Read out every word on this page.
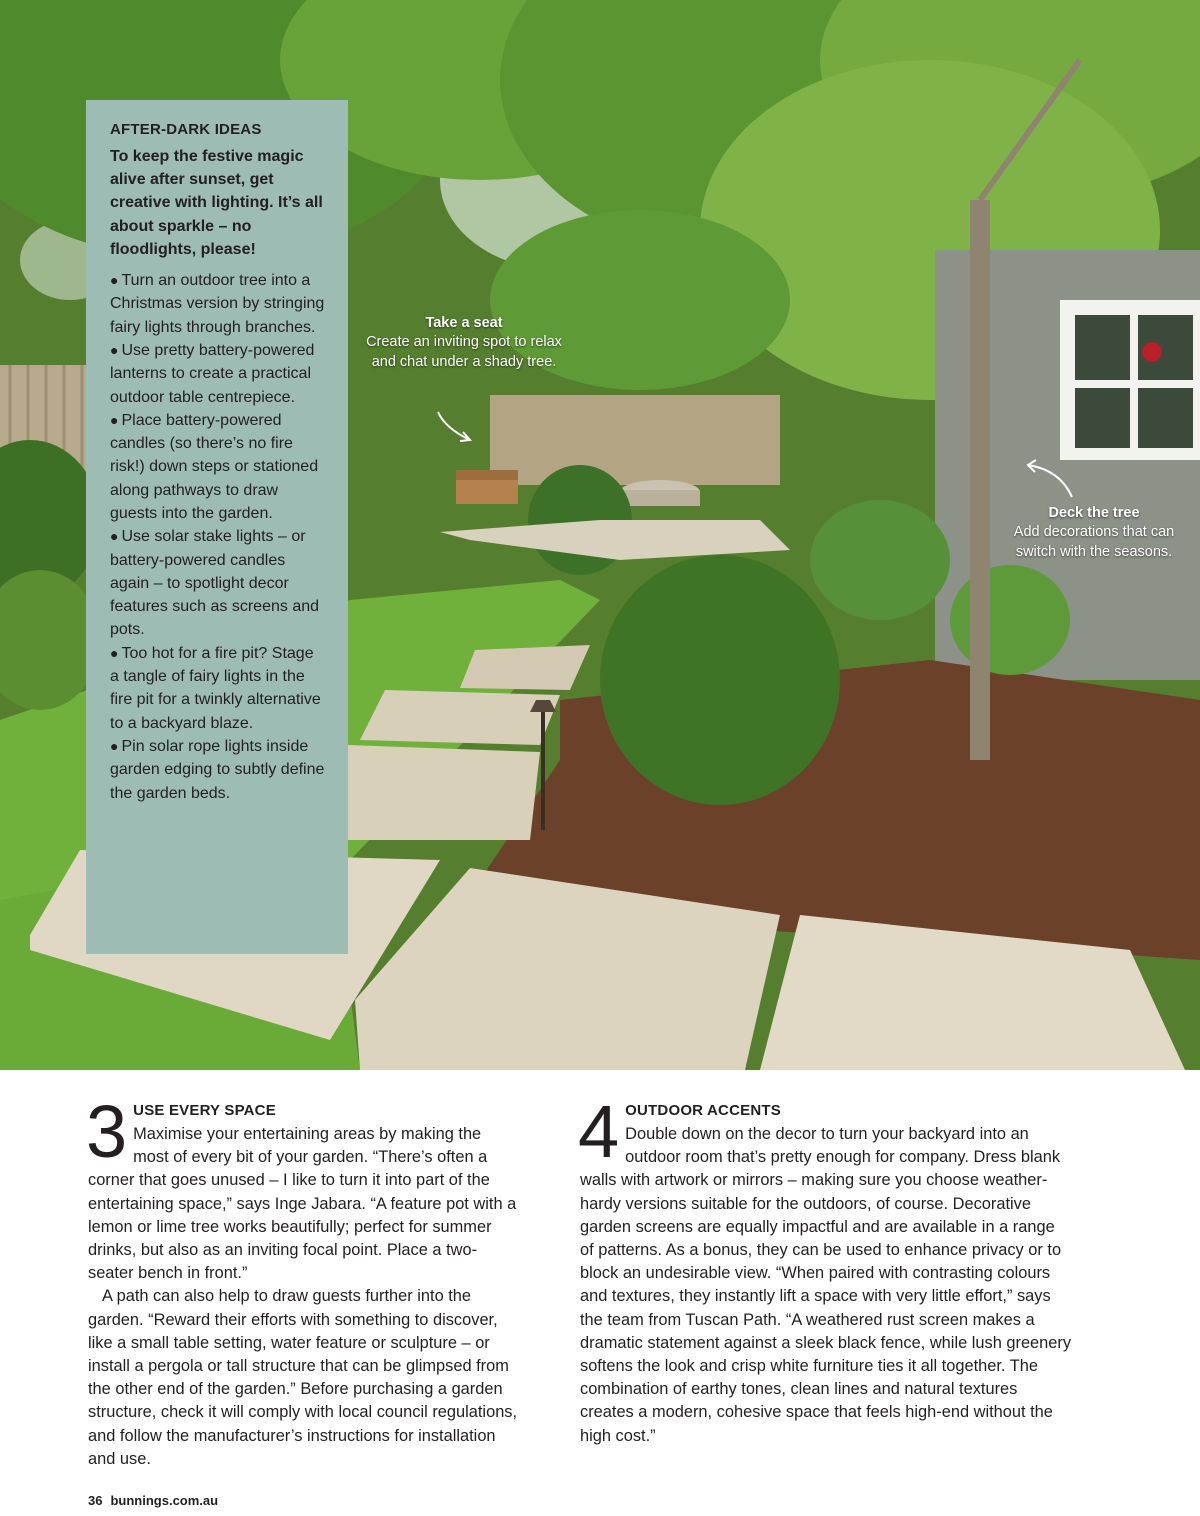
AFTER-DARK IDEAS
To keep the festive magic alive after sunset, get creative with lighting. It’s all about sparkle – no floodlights, please!
● Turn an outdoor tree into a Christmas version by stringing fairy lights through branches.
● Use pretty battery-powered lanterns to create a practical outdoor table centrepiece.
● Place battery-powered candles (so there’s no fire risk!) down steps or stationed along pathways to draw guests into the garden.
● Use solar stake lights – or battery-powered candles again – to spotlight decor features such as screens and pots.
● Too hot for a fire pit? Stage a tangle of fairy lights in the fire pit for a twinkly alternative to a backyard blaze.
● Pin solar rope lights inside garden edging to subtly define the garden beds.
Take a seat
Create an inviting spot to relax and chat under a shady tree.
Deck the tree
Add decorations that can switch with the seasons.
3 USE EVERY SPACE

Maximise your entertaining areas by making the most of every bit of your garden. “There’s often a corner that goes unused – I like to turn it into part of the entertaining space,” says Inge Jabara. “A feature pot with a lemon or lime tree works beautifully; perfect for summer drinks, but also as an inviting focal point. Place a two-seater bench in front.”

A path can also help to draw guests further into the garden. “Reward their efforts with something to discover, like a small table setting, water feature or sculpture – or install a pergola or tall structure that can be glimpsed from the other end of the garden.” Before purchasing a garden structure, check it will comply with local council regulations, and follow the manufacturer’s instructions for installation and use.

4 OUTDOOR ACCENTS

Double down on the decor to turn your backyard into an outdoor room that’s pretty enough for company. Dress blank walls with artwork or mirrors – making sure you choose weather-hardy versions suitable for the outdoors, of course. Decorative garden screens are equally impactful and are available in a range of patterns. As a bonus, they can be used to enhance privacy or to block an undesirable view. “When paired with contrasting colours and textures, they instantly lift a space with very little effort,” says the team from Tuscan Path. “A weathered rust screen makes a dramatic statement against a sleek black fence, while lush greenery softens the look and crisp white furniture ties it all together. The combination of earthy tones, clean lines and natural textures creates a modern, cohesive space that feels high-end without the high cost.”

36 bunnings.com.au
